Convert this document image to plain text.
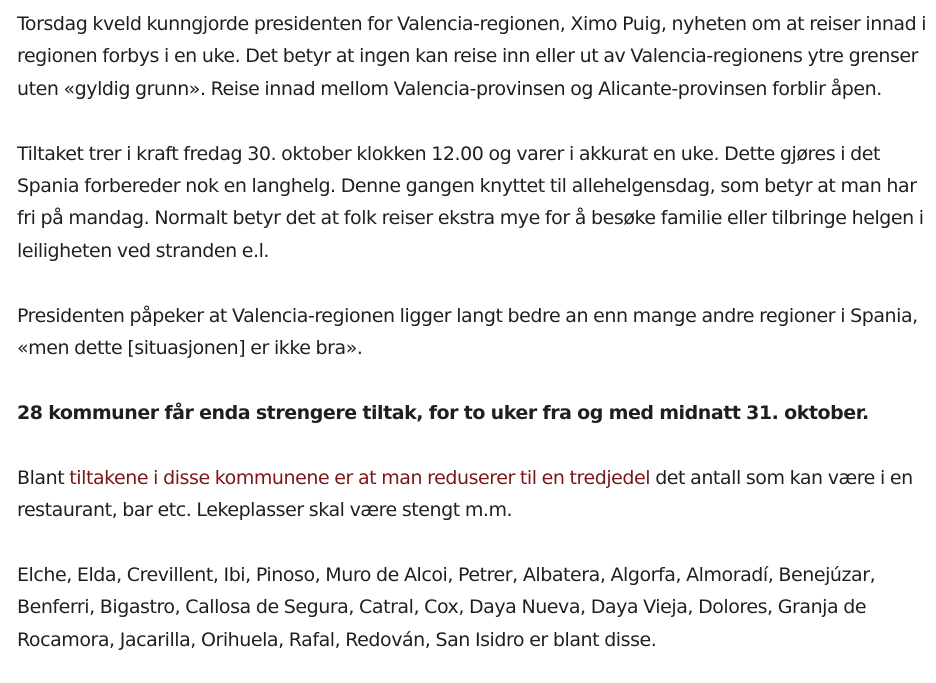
Torsdag kveld kunngjorde presidenten for Valencia-regionen, Ximo Puig, nyheten om at reiser innad i regionen forbys i en uke. Det betyr at ingen kan reise inn eller ut av Valencia-regionens ytre grenser uten «gyldig grunn». Reise innad mellom Valencia-provinsen og Alicante-provinsen forblir åpen.

Tiltaket trer i kraft fredag 30. oktober klokken 12.00 og varer i akkurat en uke. Dette gjøres i det Spania forbereder nok en langhelg. Denne gangen knyttet til allehelgensdag, som betyr at man har fri på mandag. Normalt betyr det at folk reiser ekstra mye for å besøke familie eller tilbringe helgen i leiligheten ved stranden e.l.

Presidenten påpeker at Valencia-regionen ligger langt bedre an enn mange andre regioner i Spania, «men dette [situasjonen] er ikke bra».

28 kommuner får enda strengere tiltak, for to uker fra og med midnatt 31. oktober.

Blant tiltakene i disse kommunene er at man reduserer til en tredjedel det antall som kan være i en restaurant, bar etc. Lekeplasser skal være stengt m.m.

Elche, Elda, Crevillent, Ibi, Pinoso, Muro de Alcoi, Petrer, Albatera, Algorfa, Almoradí, Benejúzar, Benferri, Bigastro, Callosa de Segura, Catral, Cox, Daya Nueva, Daya Vieja, Dolores, Granja de Rocamora, Jacarilla, Orihuela, Rafal, Redován, San Isidro er blant disse.
